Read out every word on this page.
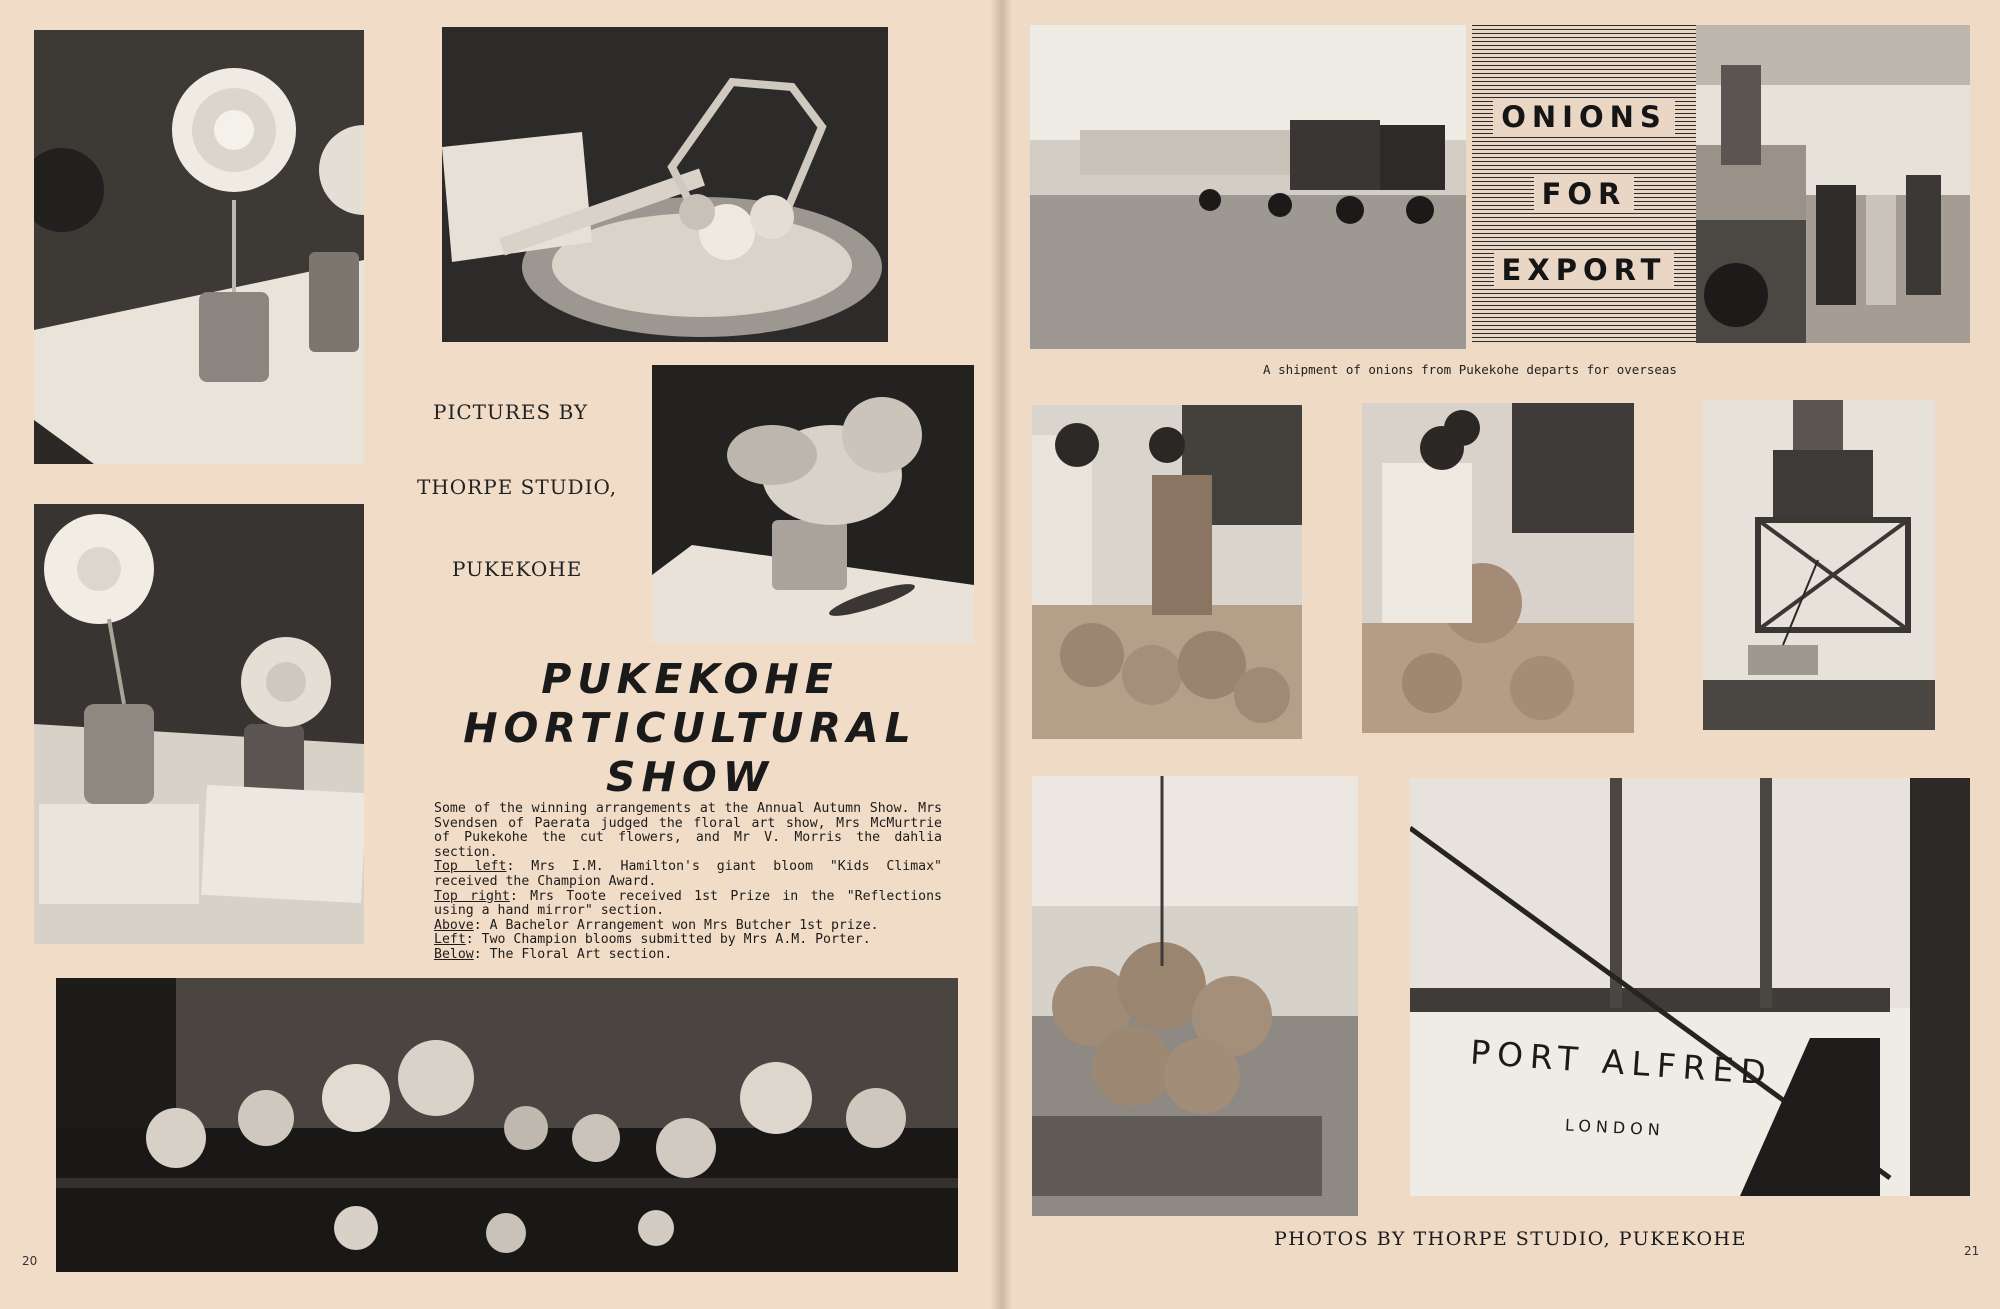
PICTURES BY
THORPE STUDIO,
PUKEKOHE
PUKEKOHE
HORTICULTURAL
SHOW

Some of the winning arrangements at the Annual Autumn Show. Mrs Svendsen of Paerata judged the floral art show, Mrs McMurtrie of Pukekohe the cut flowers, and Mr V. Morris the dahlia section.

Top left: Mrs I.M. Hamilton's giant bloom "Kids Climax" received the Champion Award.

Top right: Mrs Toote received 1st Prize in the "Reflections using a hand mirror" section.

Above: A Bachelor Arrangement won Mrs Butcher 1st prize.

Left: Two Champion blooms submitted by Mrs A.M. Porter.

Below: The Floral Art section.

20
ONIONS
FOR
EXPORT
A shipment of onions from Pukekohe departs for overseas
PORT ALFRED
LONDON
PHOTOS BY THORPE STUDIO, PUKEKOHE
21
